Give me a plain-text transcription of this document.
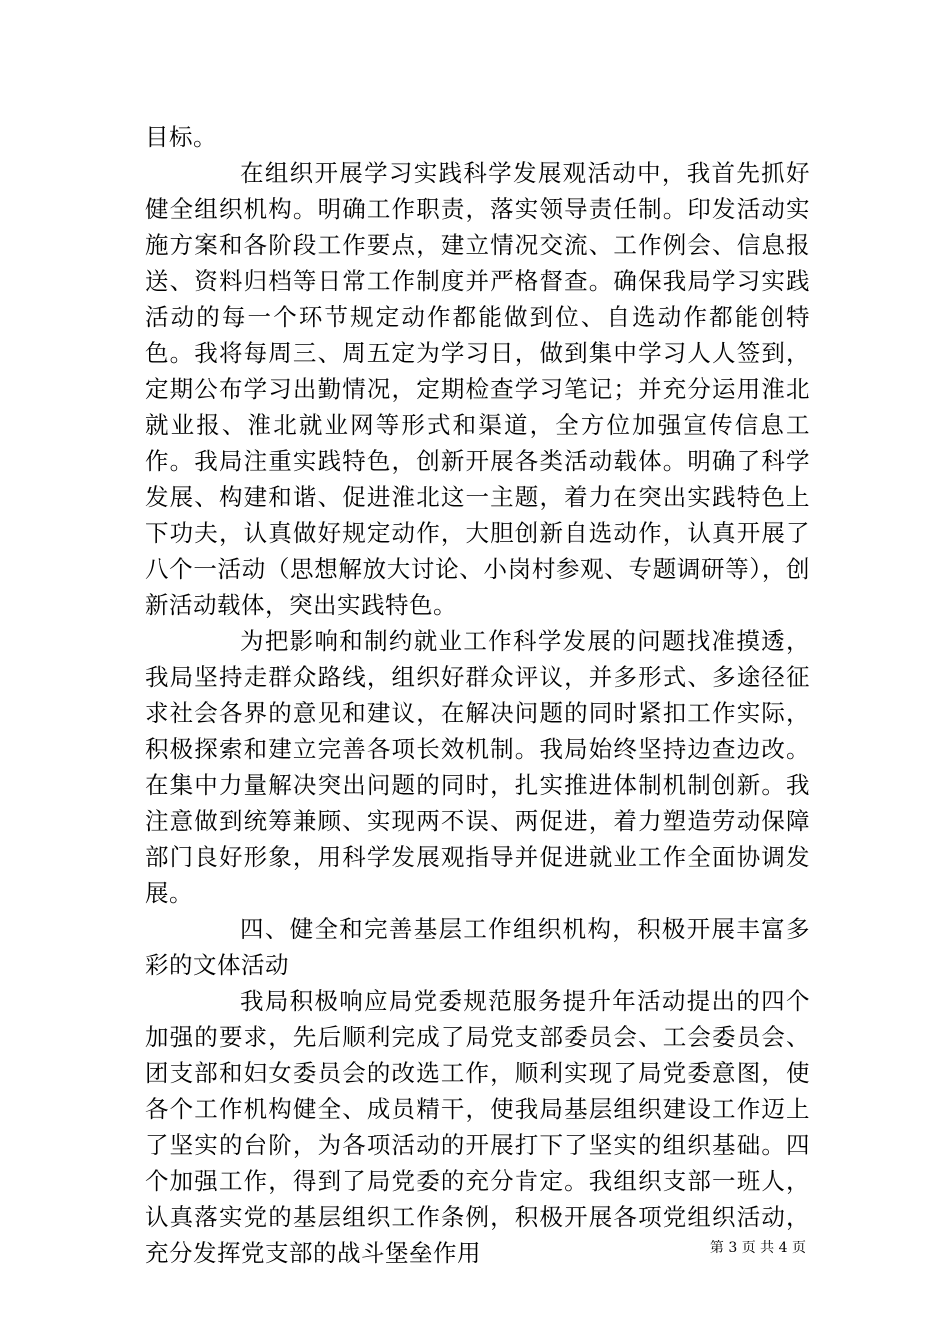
目标。

在组织开展学习实践科学发展观活动中，我首先抓好健全组织机构。明确工作职责，落实领导责任制。印发活动实施方案和各阶段工作要点，建立情况交流、工作例会、信息报送、资料归档等日常工作制度并严格督查。确保我局学习实践活动的每一个环节规定动作都能做到位、自选动作都能创特色。我将每周三、周五定为学习日，做到集中学习人人签到，定期公布学习出勤情况，定期检查学习笔记；并充分运用淮北就业报、淮北就业网等形式和渠道，全方位加强宣传信息工作。我局注重实践特色，创新开展各类活动载体。明确了科学发展、构建和谐、促进淮北这一主题，着力在突出实践特色上下功夫，认真做好规定动作，大胆创新自选动作，认真开展了八个一活动（思想解放大讨论、小岗村参观、专题调研等），创新活动载体，突出实践特色。

为把影响和制约就业工作科学发展的问题找准摸透，我局坚持走群众路线，组织好群众评议，并多形式、多途径征求社会各界的意见和建议，在解决问题的同时紧扣工作实际，积极探索和建立完善各项长效机制。我局始终坚持边查边改。在集中力量解决突出问题的同时，扎实推进体制机制创新。我注意做到统筹兼顾、实现两不误、两促进，着力塑造劳动保障部门良好形象，用科学发展观指导并促进就业工作全面协调发展。

四、健全和完善基层工作组织机构，积极开展丰富多彩的文体活动

我局积极响应局党委规范服务提升年活动提出的四个加强的要求，先后顺利完成了局党支部委员会、工会委员会、团支部和妇女委员会的改选工作，顺利实现了局党委意图，使各个工作机构健全、成员精干，使我局基层组织建设工作迈上了坚实的台阶，为各项活动的开展打下了坚实的组织基础。四个加强工作，得到了局党委的充分肯定。我组织支部一班人，认真落实党的基层组织工作条例，积极开展各项党组织活动，充分发挥党支部的战斗堡垒作用	第 3 页 共 4 页
